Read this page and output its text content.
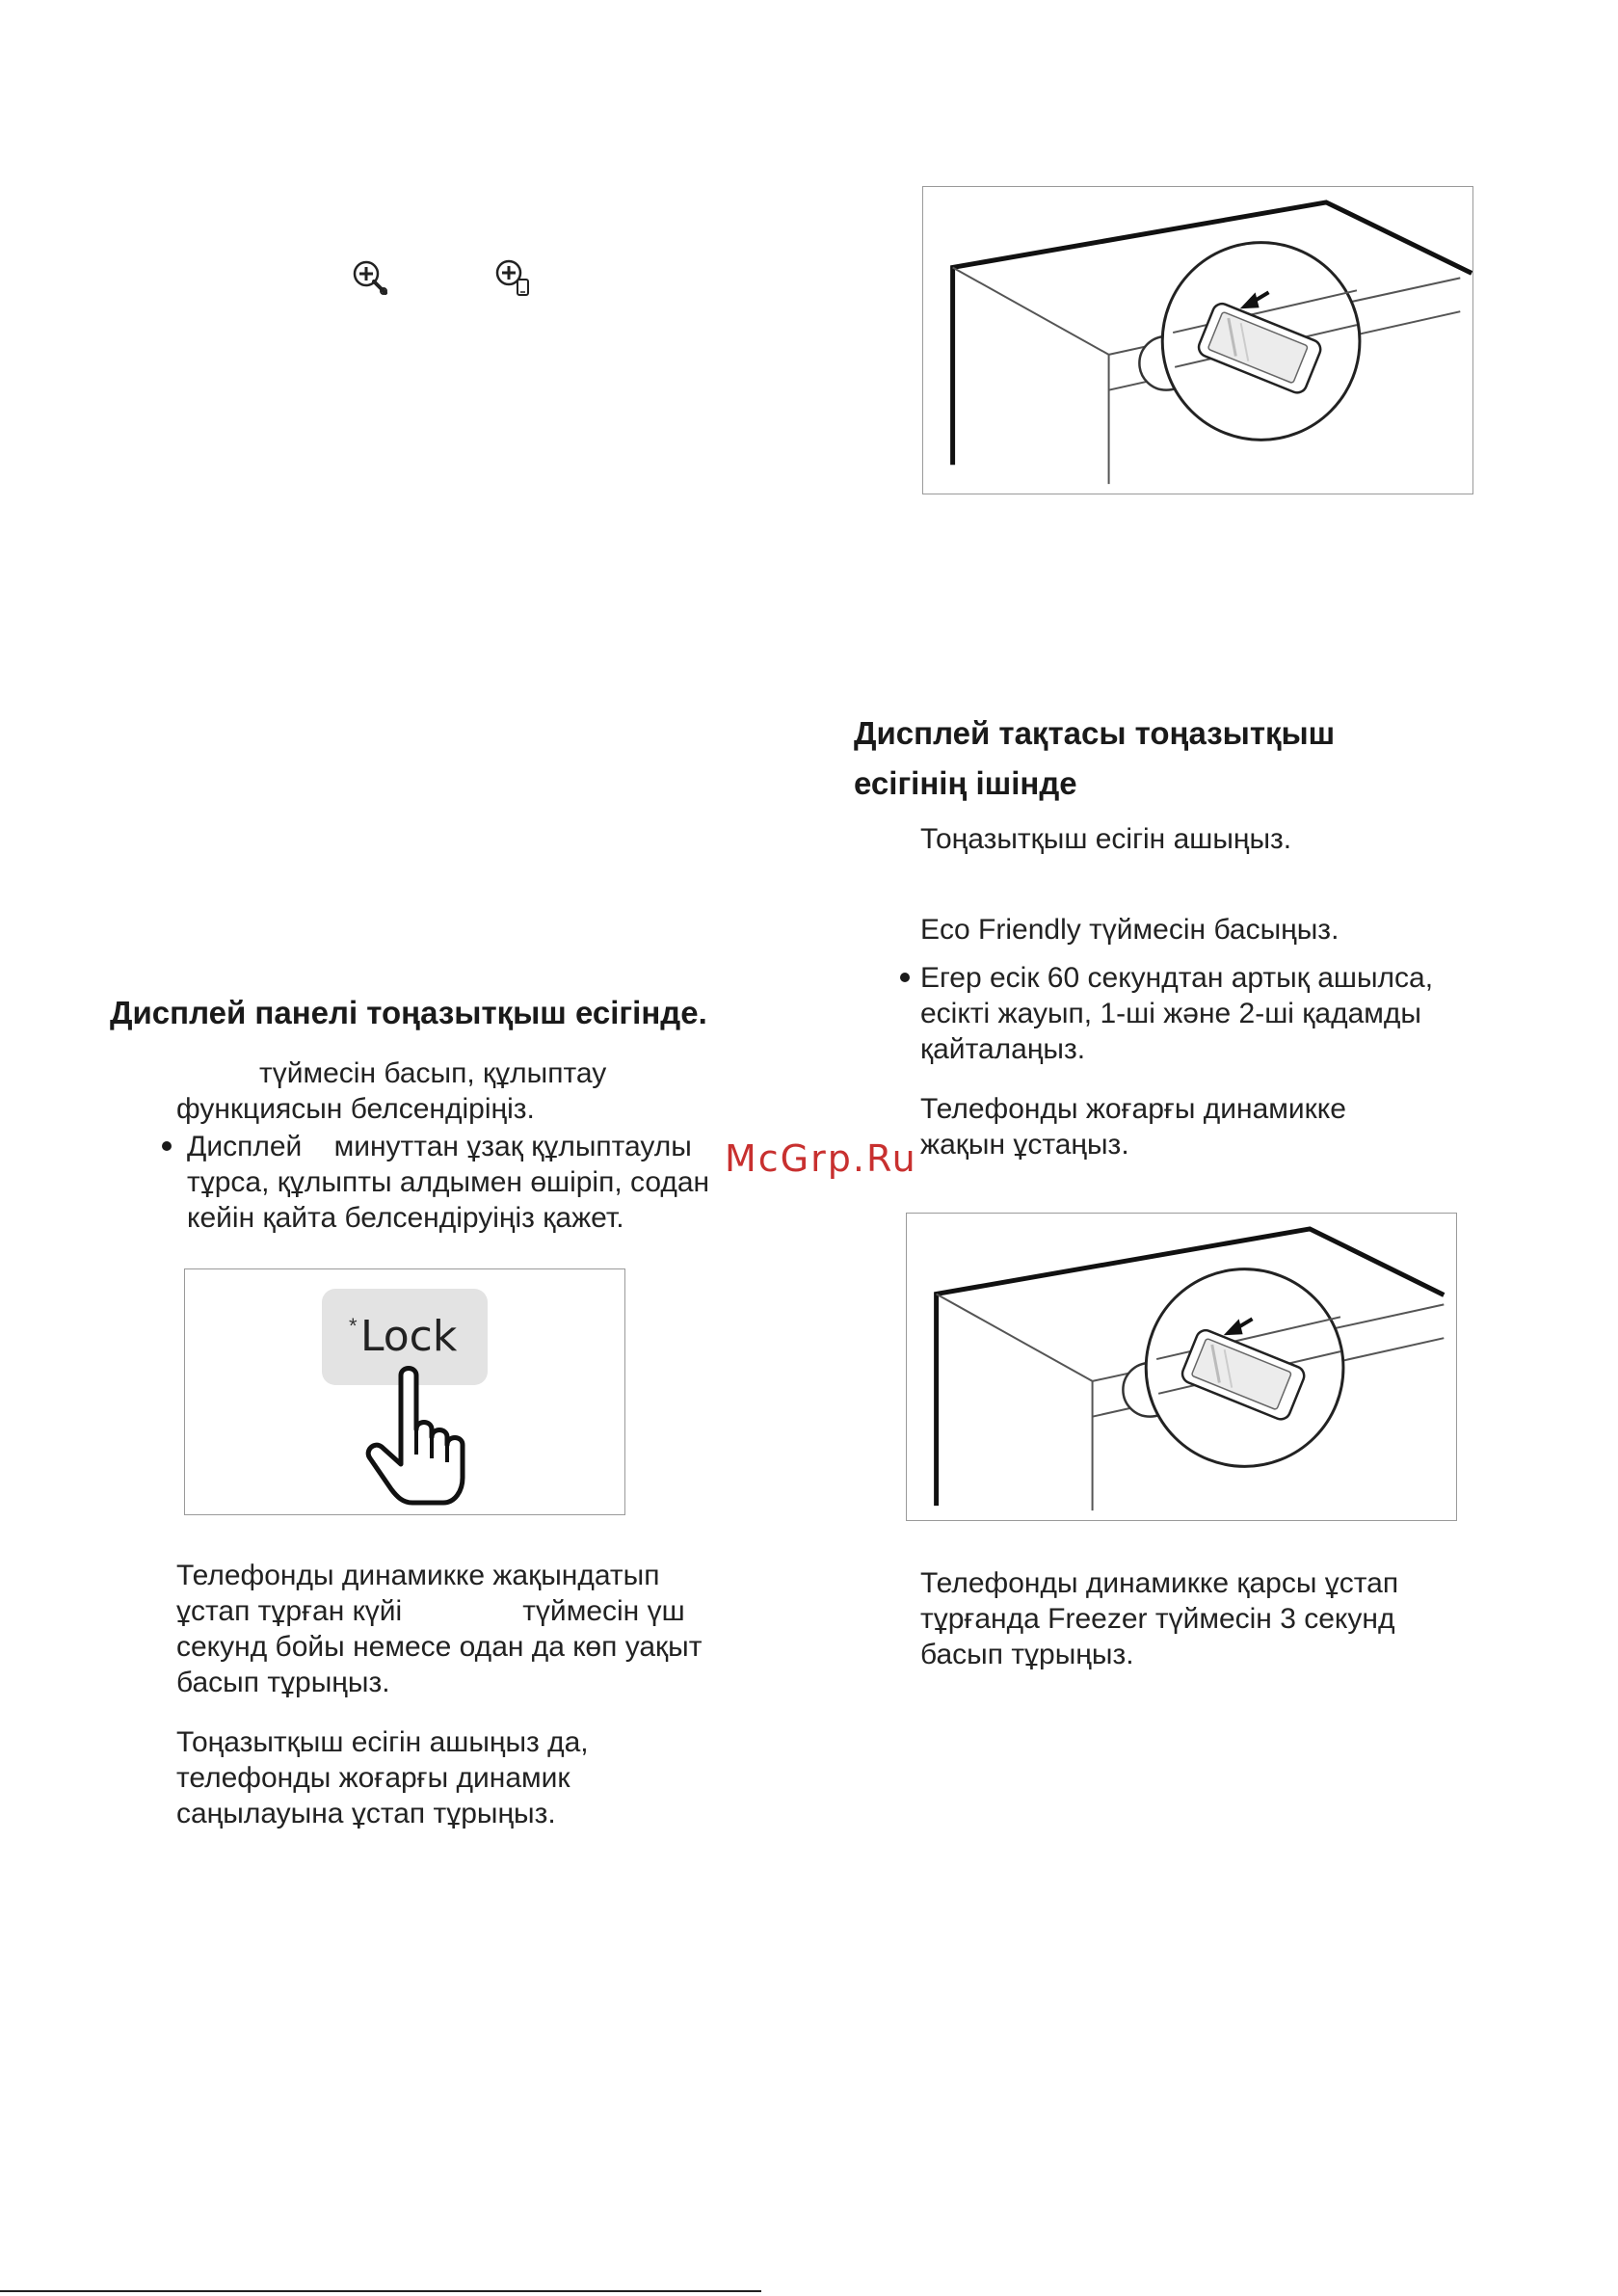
Дисплей тақтасы тоңазытқыш
есігінің ішінде
Тоңазытқыш есігін ашыңыз.
Eco Friendly түймесін басыңыз.
Егер есік 60 секундтан артық ашылса,
есікті жауып, 1-ші және 2-ші қадамды
қайталаңыз.
Телефонды жоғарғы динамикке
жақын ұстаңыз.
McGrp.Ru
Телефонды динамикке қарсы ұстап
тұрғанда Freezer түймесін 3 секунд
басып тұрыңыз.
Дисплей панелі тоңазытқыш есігінде.
түймесін басып, құлыптау
функциясын белсендіріңіз.
Дисплей    минуттан ұзақ құлыптаулы
тұрса, құлыпты алдымен өшіріп, содан
кейін қайта белсендіруіңіз қажет.
* Lock
Телефонды динамикке жақындатып
ұстап тұрған күйі               түймесін үш
секунд бойы немесе одан да көп уақыт
басып тұрыңыз.
Тоңазытқыш есігін ашыңыз да,
телефонды жоғарғы динамик
саңылауына ұстап тұрыңыз.
